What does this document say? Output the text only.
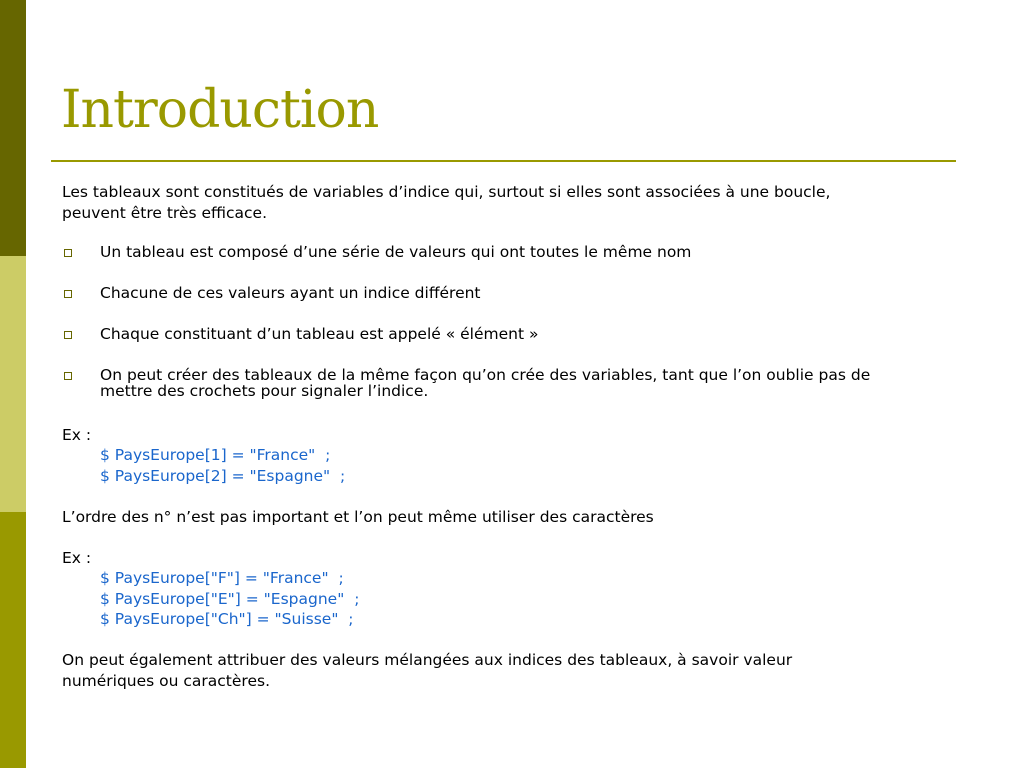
Introduction

Les tableaux sont constitués de variables d’indice qui, surtout si elles sont associées à une boucle,

peuvent être très efficace.

Un tableau est composé d’une série de valeurs qui ont toutes le même nom
Chacune de ces valeurs ayant un indice différent
Chaque constituant d’un tableau est appelé « élément »
On peut créer des tableaux de la même façon qu’on crée des variables, tant que l’on oublie pas de
mettre des crochets pour signaler l’indice.

Ex :

$ PaysEurope[1] = "France"  ;
$ PaysEurope[2] = "Espagne"  ;

L’ordre des n° n’est pas important et l’on peut même utiliser des caractères

Ex :

$ PaysEurope["F"] = "France"  ;
$ PaysEurope["E"] = "Espagne"  ;
$ PaysEurope["Ch"] = "Suisse"  ;

On peut également attribuer des valeurs mélangées aux indices des tableaux, à savoir valeur

numériques ou caractères.
